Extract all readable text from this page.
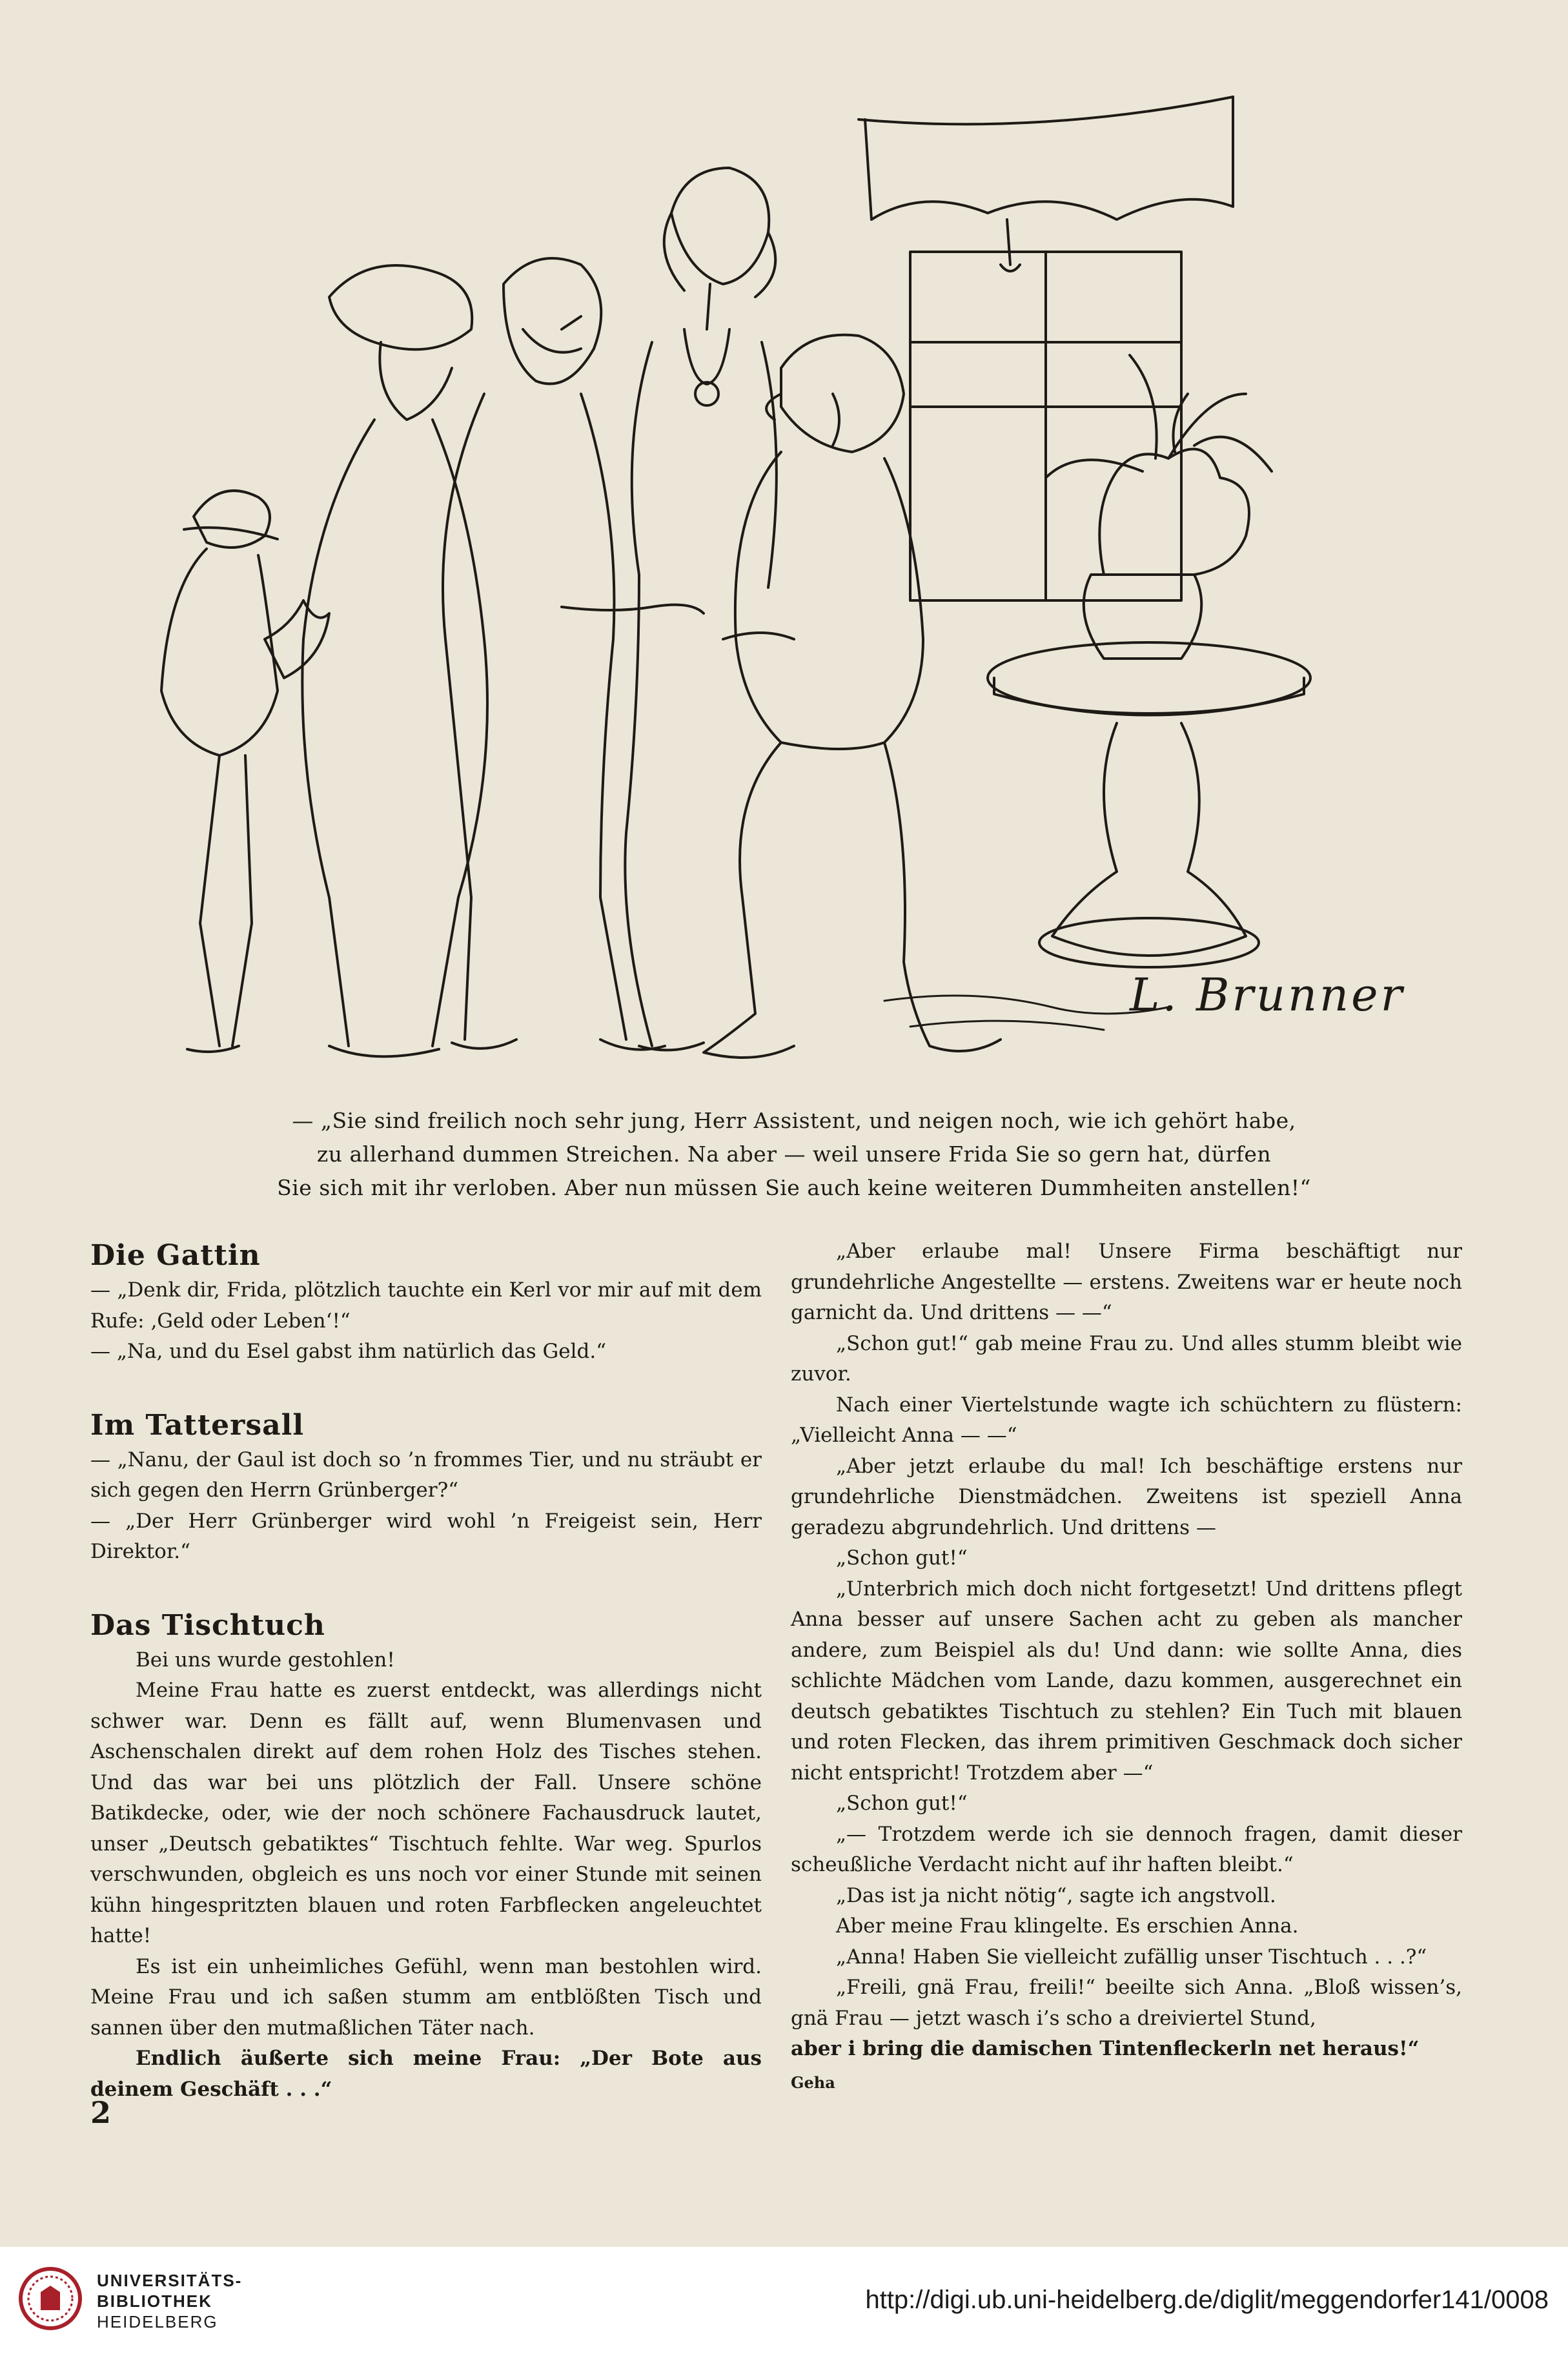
L. Brunner

— „Sie sind freilich noch sehr jung, Herr Assistent, und neigen noch, wie ich gehört habe,

zu allerhand dummen Streichen. Na aber — weil unsere Frida Sie so gern hat, dürfen

Sie sich mit ihr verloben. Aber nun müssen Sie auch keine weiteren Dummheiten anstellen!“

Die Gattin

— „Denk dir, Frida, plötzlich tauchte ein Kerl vor mir auf mit dem Rufe: ‚Geld oder Leben‘!“

— „Na, und du Esel gabst ihm natürlich das Geld.“

Im Tattersall

— „Nanu, der Gaul ist doch so ’n frommes Tier, und nu sträubt er sich gegen den Herrn Grünberger?“

— „Der Herr Grünberger wird wohl ’n Freigeist sein, Herr Direktor.“

Das Tischtuch

Bei uns wurde gestohlen!

Meine Frau hatte es zuerst entdeckt, was allerdings nicht schwer war. Denn es fällt auf, wenn Blumenvasen und Aschenschalen direkt auf dem rohen Holz des Tisches stehen. Und das war bei uns plötzlich der Fall. Unsere schöne Batikdecke, oder, wie der noch schönere Fachausdruck lautet, unser „Deutsch gebatiktes“ Tischtuch fehlte. War weg. Spurlos verschwunden, obgleich es uns noch vor einer Stunde mit seinen kühn hingespritzten blauen und roten Farbflecken angeleuchtet hatte!

Es ist ein unheimliches Gefühl, wenn man bestohlen wird. Meine Frau und ich saßen stumm am entblößten Tisch und sannen über den mutmaßlichen Täter nach.

Endlich äußerte sich meine Frau: „Der Bote aus deinem Geschäft . . .“

2

„Aber erlaube mal! Unsere Firma beschäftigt nur grundehrliche Angestellte — erstens. Zweitens war er heute noch garnicht da. Und drittens — —“

„Schon gut!“ gab meine Frau zu. Und alles stumm bleibt wie zuvor.

Nach einer Viertelstunde wagte ich schüchtern zu flüstern: „Vielleicht Anna — —“

„Aber jetzt erlaube du mal! Ich beschäftige erstens nur grundehrliche Dienstmädchen. Zweitens ist speziell Anna geradezu abgrundehrlich. Und drittens —

„Schon gut!“

„Unterbrich mich doch nicht fortgesetzt! Und drittens pflegt Anna besser auf unsere Sachen acht zu geben als mancher andere, zum Beispiel als du! Und dann: wie sollte Anna, dies schlichte Mädchen vom Lande, dazu kommen, ausgerechnet ein deutsch gebatiktes Tischtuch zu stehlen? Ein Tuch mit blauen und roten Flecken, das ihrem primitiven Geschmack doch sicher nicht entspricht! Trotzdem aber —“

„Schon gut!“

„— Trotzdem werde ich sie dennoch fragen, damit dieser scheußliche Verdacht nicht auf ihr haften bleibt.“

„Das ist ja nicht nötig“, sagte ich angstvoll.

Aber meine Frau klingelte. Es erschien Anna.

„Anna! Haben Sie vielleicht zufällig unser Tischtuch . . .?“

„Freili, gnä Frau, freili!“ beeilte sich Anna. „Bloß wissen’s, gnä Frau — jetzt wasch i’s scho a dreiviertel Stund,

aber i bring die damischen Tintenfleckerln net heraus!“

Geha

UNIVERSITÄTS-
BIBLIOTHEK
HEIDELBERG
http://digi.ub.uni-heidelberg.de/diglit/meggendorfer141/0008
